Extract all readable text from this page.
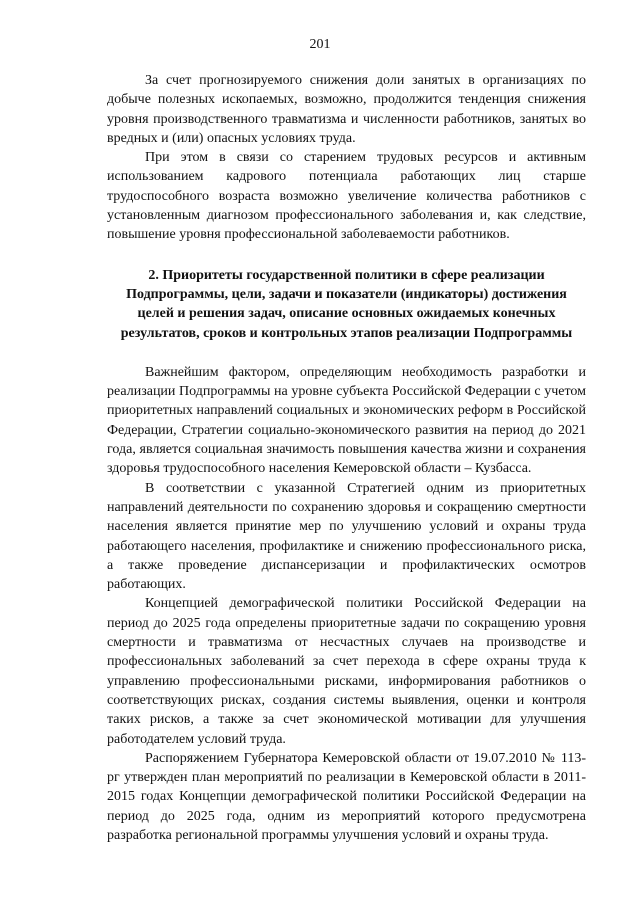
201

За счет прогнозируемого снижения доли занятых в организациях по добыче полезных ископаемых, возможно, продолжится тенденция снижения уровня производственного травматизма и численности работников, занятых во вредных и (или) опасных условиях труда.

При этом в связи со старением трудовых ресурсов и активным использованием кадрового потенциала работающих лиц старше трудоспособного возраста возможно увеличение количества работников с установленным диагнозом профессионального заболевания и, как следствие, повышение уровня профессиональной заболеваемости работников.

2. Приоритеты государственной политики в сфере реализации
Подпрограммы, цели, задачи и показатели (индикаторы) достижения
целей и решения задач, описание основных ожидаемых конечных
результатов, сроков и контрольных этапов реализации Подпрограммы

Важнейшим фактором, определяющим необходимость разработки и реализации Подпрограммы на уровне субъекта Российской Федерации с учетом приоритетных направлений социальных и экономических реформ в Российской Федерации, Стратегии социально-экономического развития на период до 2021 года, является социальная значимость повышения качества жизни и сохранения здоровья трудоспособного населения Кемеровской области – Кузбасса.

В соответствии с указанной Стратегией одним из приоритетных направлений деятельности по сохранению здоровья и сокращению смертности населения является принятие мер по улучшению условий и охраны труда работающего населения, профилактике и снижению профессионального риска, а также проведение диспансеризации и профилактических осмотров работающих.

Концепцией демографической политики Российской Федерации на период до 2025 года определены приоритетные задачи по сокращению уровня смертности и травматизма от несчастных случаев на производстве и профессиональных заболеваний за счет перехода в сфере охраны труда к управлению профессиональными рисками, информирования работников о соответствующих рисках, создания системы выявления, оценки и контроля таких рисков, а также за счет экономической мотивации для улучшения работодателем условий труда.

Распоряжением Губернатора Кемеровской области от 19.07.2010 № 113-рг утвержден план мероприятий по реализации в Кемеровской области в 2011-2015 годах Концепции демографической политики Российской Федерации на период до 2025 года, одним из мероприятий которого предусмотрена разработка региональной программы улучшения условий и охраны труда.
